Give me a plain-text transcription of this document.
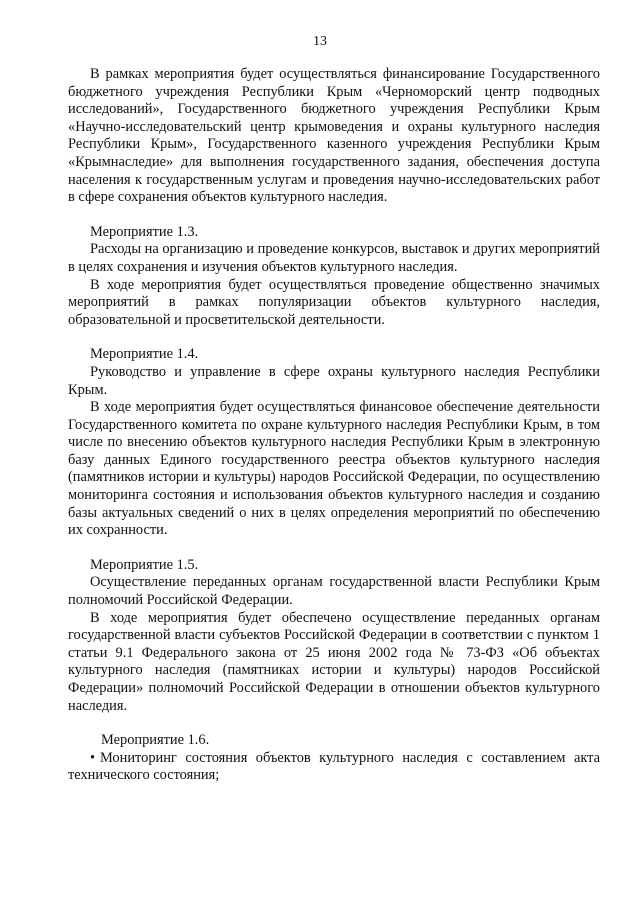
13

В рамках мероприятия будет осуществляться финансирование Государственного бюджетного учреждения Республики Крым «Черноморский центр подводных исследований», Государственного бюджетного учреждения Республики Крым «Научно-исследовательский центр крымоведения и охраны культурного наследия Республики Крым», Государственного казенного учреждения Республики Крым «Крымнаследие» для выполнения государственного задания, обеспечения доступа населения к государственным услугам и проведения научно-исследовательских работ в сфере сохранения объектов культурного наследия.

Мероприятие 1.3.

Расходы на организацию и проведение конкурсов, выставок и других мероприятий в целях сохранения и изучения объектов культурного наследия.

В ходе мероприятия будет осуществляться проведение общественно значимых мероприятий в рамках популяризации объектов культурного наследия, образовательной и просветительской деятельности.

Мероприятие 1.4.

Руководство и управление в сфере охраны культурного наследия Республики Крым.

В ходе мероприятия будет осуществляться финансовое обеспечение деятельности Государственного комитета по охране культурного наследия Республики Крым, в том числе по внесению объектов культурного наследия Республики Крым в электронную базу данных Единого государственного реестра объектов культурного наследия (памятников истории и культуры) народов Российской Федерации, по осуществлению мониторинга состояния и использования объектов культурного наследия и созданию базы актуальных сведений о них в целях определения мероприятий по обеспечению их сохранности.

Мероприятие 1.5.

Осуществление переданных органам государственной власти Республики Крым полномочий Российской Федерации.

В ходе мероприятия будет обеспечено осуществление переданных органам государственной власти субъектов Российской Федерации в соответствии с пунктом 1 статьи 9.1 Федерального закона от 25 июня 2002 года № 73-ФЗ «Об объектах культурного наследия (памятниках истории и культуры) народов Российской Федерации» полномочий Российской Федерации в отношении объектов культурного наследия.

Мероприятие 1.6.

• Мониторинг состояния объектов культурного наследия с составлением акта технического состояния;
